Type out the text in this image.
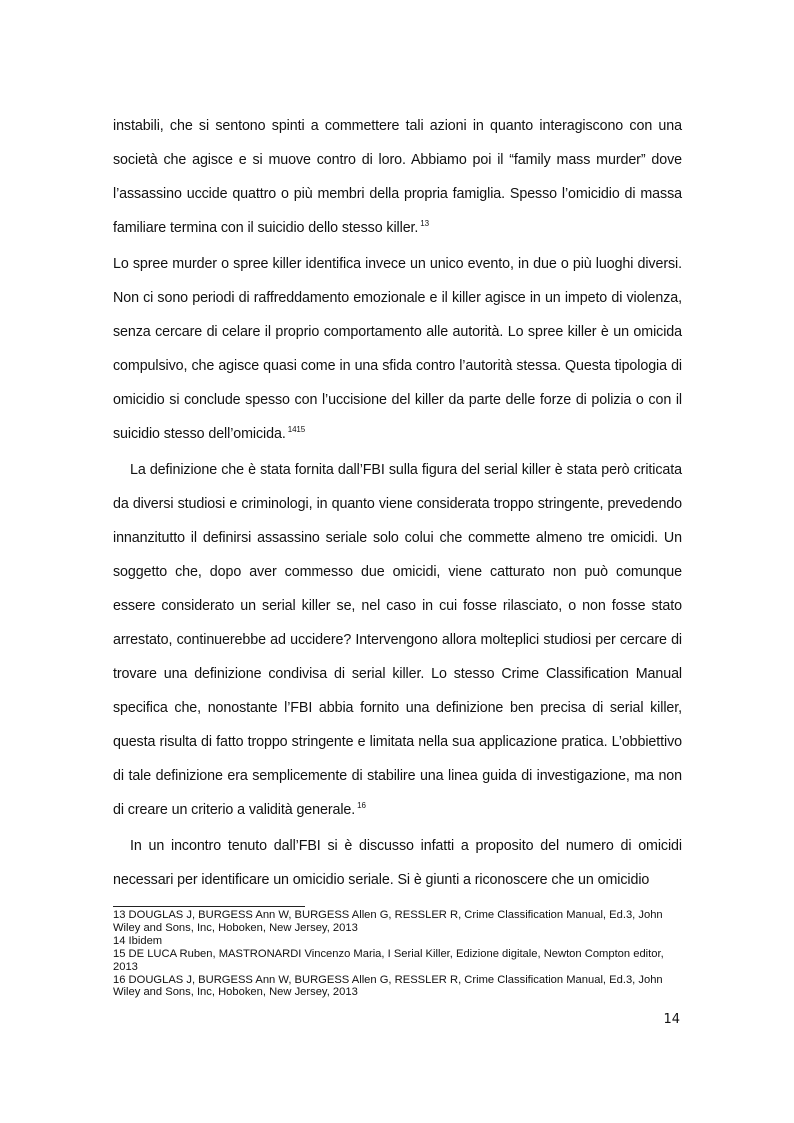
instabili, che si sentono spinti a commettere tali azioni in quanto interagiscono con una società che agisce e si muove contro di loro. Abbiamo poi il “family mass murder” dove l’assassino uccide quattro o più membri della propria famiglia. Spesso l’omicidio di massa familiare termina con il suicidio dello stesso killer. $^{13}$

Lo spree murder o spree killer identifica invece un unico evento, in due o più luoghi diversi. Non ci sono periodi di raffreddamento emozionale e il killer agisce in un impeto di violenza, senza cercare di celare il proprio comportamento alle autorità. Lo spree killer è un omicida compulsivo, che agisce quasi come in una sfida contro l’autorità stessa. Questa tipologia di omicidio si conclude spesso con l’uccisione del killer da parte delle forze di polizia o con il suicidio stesso dell’omicida. $^{1415}$

La definizione che è stata fornita dall’FBI sulla figura del serial killer è stata però criticata da diversi studiosi e criminologi, in quanto viene considerata troppo stringente, prevedendo innanzitutto il definirsi assassino seriale solo colui che commette almeno tre omicidi. Un soggetto che, dopo aver commesso due omicidi, viene catturato non può comunque essere considerato un serial killer se, nel caso in cui fosse rilasciato, o non fosse stato arrestato, continuerebbe ad uccidere? Intervengono allora molteplici studiosi per cercare di trovare una definizione condivisa di serial killer. Lo stesso Crime Classification Manual specifica che, nonostante l’FBI abbia fornito una definizione ben precisa di serial killer, questa risulta di fatto troppo stringente e limitata nella sua applicazione pratica. L’obbiettivo di tale definizione era semplicemente di stabilire una linea guida di investigazione, ma non di creare un criterio a validità generale. $^{16}$

In un incontro tenuto dall’FBI si è discusso infatti a proposito del numero di omicidi necessari per identificare un omicidio seriale. Si è giunti a riconoscere che un omicidio

13 DOUGLAS J, BURGESS Ann W, BURGESS Allen G, RESSLER R, Crime Classification Manual, Ed.3, John Wiley and Sons, Inc, Hoboken, New Jersey, 2013
14 Ibidem
15 DE LUCA Ruben, MASTRONARDI Vincenzo Maria, I Serial Killer, Edizione digitale, Newton Compton editor, 2013
16 DOUGLAS J, BURGESS Ann W, BURGESS Allen G, RESSLER R, Crime Classification Manual, Ed.3, John Wiley and Sons, Inc, Hoboken, New Jersey, 2013
14
